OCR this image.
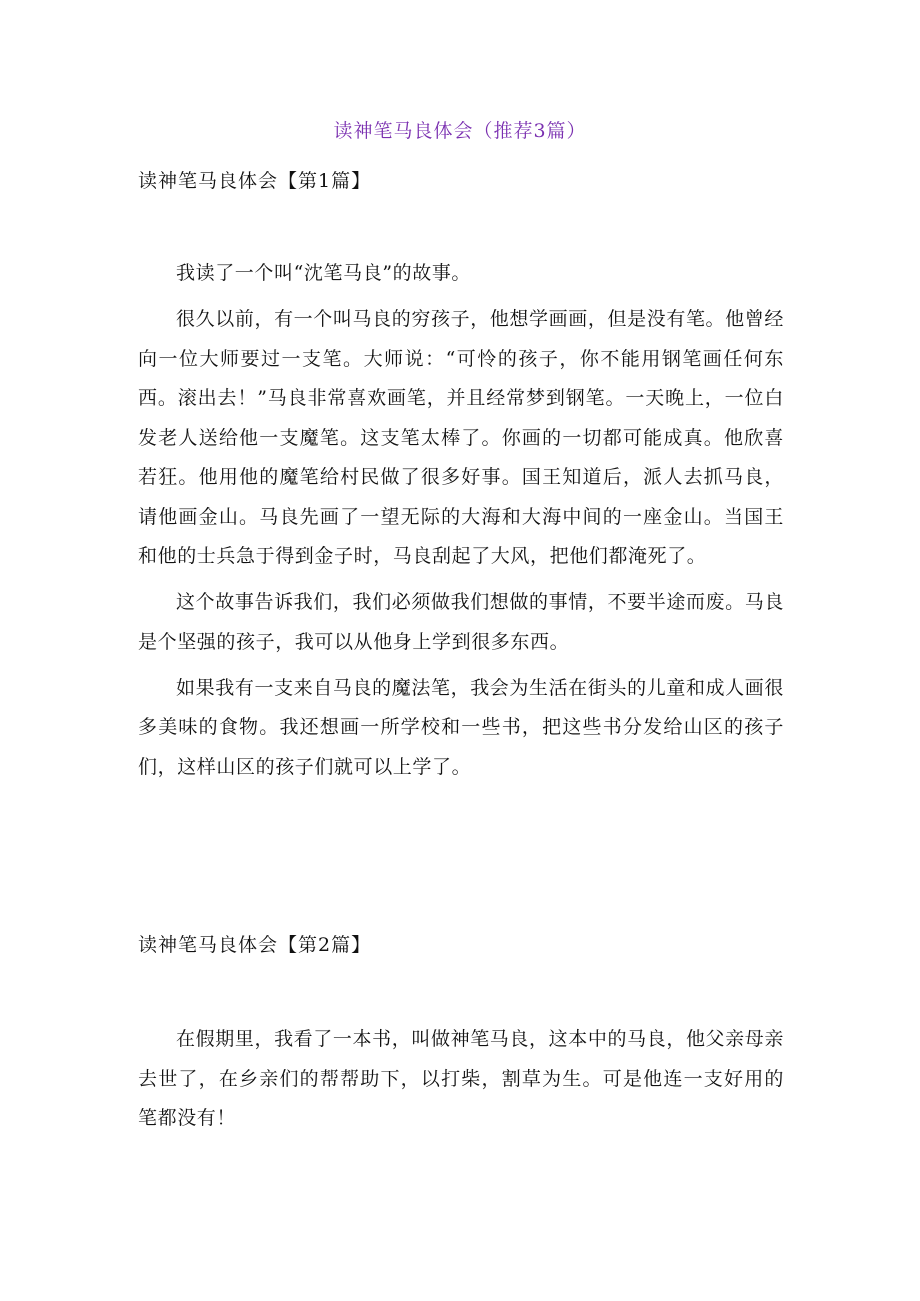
读神笔马良体会（推荐3篇）
读神笔马良体会【第1篇】

我读了一个叫“沈笔马良”的故事。

很久以前，有一个叫马良的穷孩子，他想学画画，但是没有笔。他曾经向一位大师要过一支笔。大师说：“可怜的孩子，你不能用钢笔画任何东西。滚出去！”马良非常喜欢画笔，并且经常梦到钢笔。一天晚上，一位白发老人送给他一支魔笔。这支笔太棒了。你画的一切都可能成真。他欣喜若狂。他用他的魔笔给村民做了很多好事。国王知道后，派人去抓马良，请他画金山。马良先画了一望无际的大海和大海中间的一座金山。当国王和他的士兵急于得到金子时，马良刮起了大风，把他们都淹死了。

这个故事告诉我们，我们必须做我们想做的事情，不要半途而废。马良是个坚强的孩子，我可以从他身上学到很多东西。

如果我有一支来自马良的魔法笔，我会为生活在街头的儿童和成人画很多美味的食物。我还想画一所学校和一些书，把这些书分发给山区的孩子们，这样山区的孩子们就可以上学了。

读神笔马良体会【第2篇】

在假期里，我看了一本书，叫做神笔马良，这本中的马良，他父亲母亲去世了，在乡亲们的帮帮助下，以打柴，割草为生。可是他连一支好用的笔都没有！
